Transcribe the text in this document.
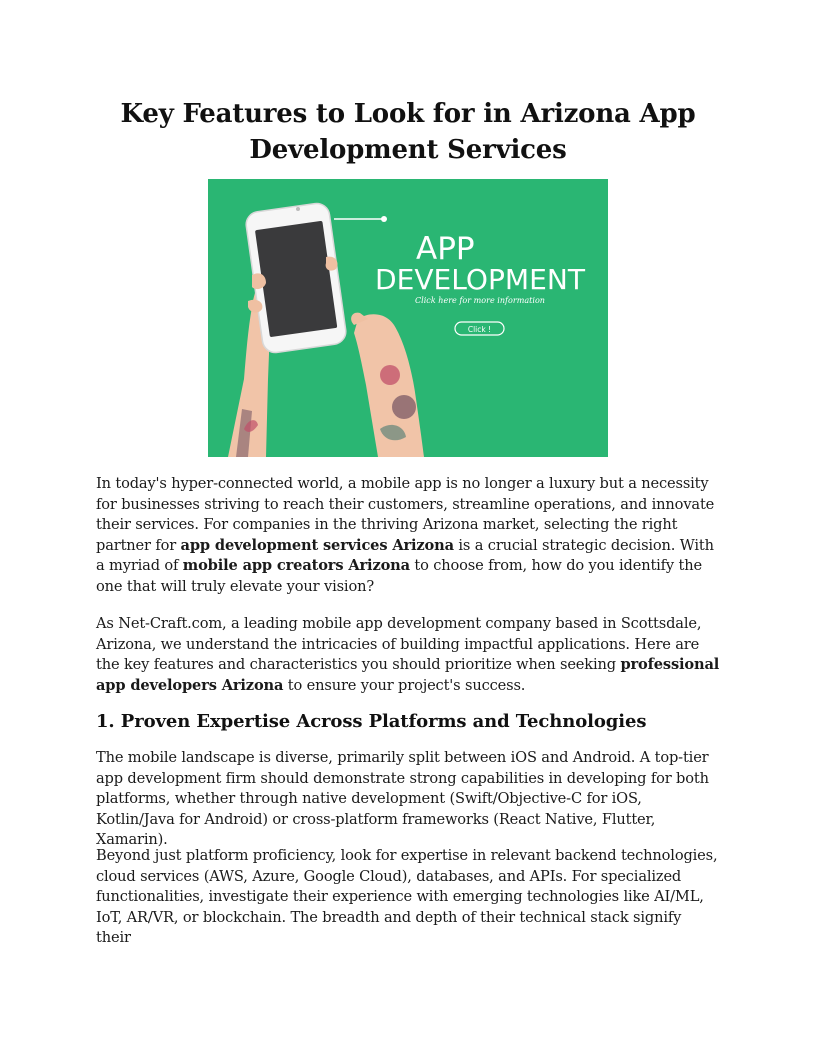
Key Features to Look for in Arizona App Development Services
APP
DEVELOPMENT
Click here for more information
Click !

In today's hyper-connected world, a mobile app is no longer a luxury but a necessity for businesses striving to reach their customers, streamline operations, and innovate their services. For companies in the thriving Arizona market, selecting the right partner for app development services Arizona is a crucial strategic decision. With a myriad of mobile app creators Arizona to choose from, how do you identify the one that will truly elevate your vision?

As Net-Craft.com, a leading mobile app development company based in Scottsdale, Arizona, we understand the intricacies of building impactful applications. Here are the key features and characteristics you should prioritize when seeking professional app developers Arizona to ensure your project's success.

1. Proven Expertise Across Platforms and Technologies

The mobile landscape is diverse, primarily split between iOS and Android. A top-tier app development firm should demonstrate strong capabilities in developing for both platforms, whether through native development (Swift/Objective-C for iOS, Kotlin/Java for Android) or cross-platform frameworks (React Native, Flutter, Xamarin).

Beyond just platform proficiency, look for expertise in relevant backend technologies, cloud services (AWS, Azure, Google Cloud), databases, and APIs. For specialized functionalities, investigate their experience with emerging technologies like AI/ML, IoT, AR/VR, or blockchain. The breadth and depth of their technical stack signify their
